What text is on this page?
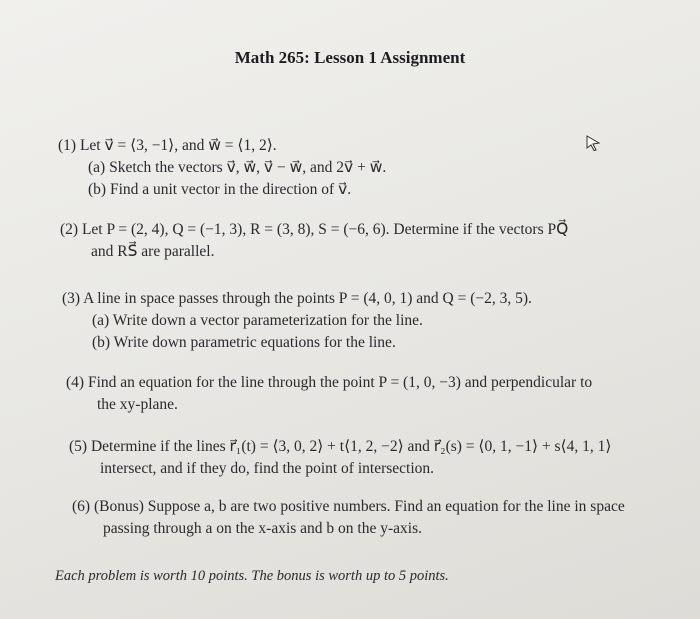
Math 265: Lesson 1 Assignment
(1) Let v⃗ = ⟨3, −1⟩, and w⃗ = ⟨1, 2⟩.
(a) Sketch the vectors v⃗, w⃗, v⃗ − w⃗, and 2v⃗ + w⃗.
(b) Find a unit vector in the direction of v⃗.
(2) Let P = (2, 4), Q = (−1, 3), R = (3, 8), S = (−6, 6). Determine if the vectors PQ⃗
and RS⃗ are parallel.
(3) A line in space passes through the points P = (4, 0, 1) and Q = (−2, 3, 5).
(a) Write down a vector parameterization for the line.
(b) Write down parametric equations for the line.
(4) Find an equation for the line through the point P = (1, 0, −3) and perpendicular to
the xy-plane.
(5) Determine if the lines r⃗₁(t) = ⟨3, 0, 2⟩ + t⟨1, 2, −2⟩ and r⃗₂(s) = ⟨0, 1, −1⟩ + s⟨4, 1, 1⟩
intersect, and if they do, find the point of intersection.
(6) (Bonus) Suppose a, b are two positive numbers. Find an equation for the line in space
passing through a on the x-axis and b on the y-axis.
Each problem is worth 10 points. The bonus is worth up to 5 points.
